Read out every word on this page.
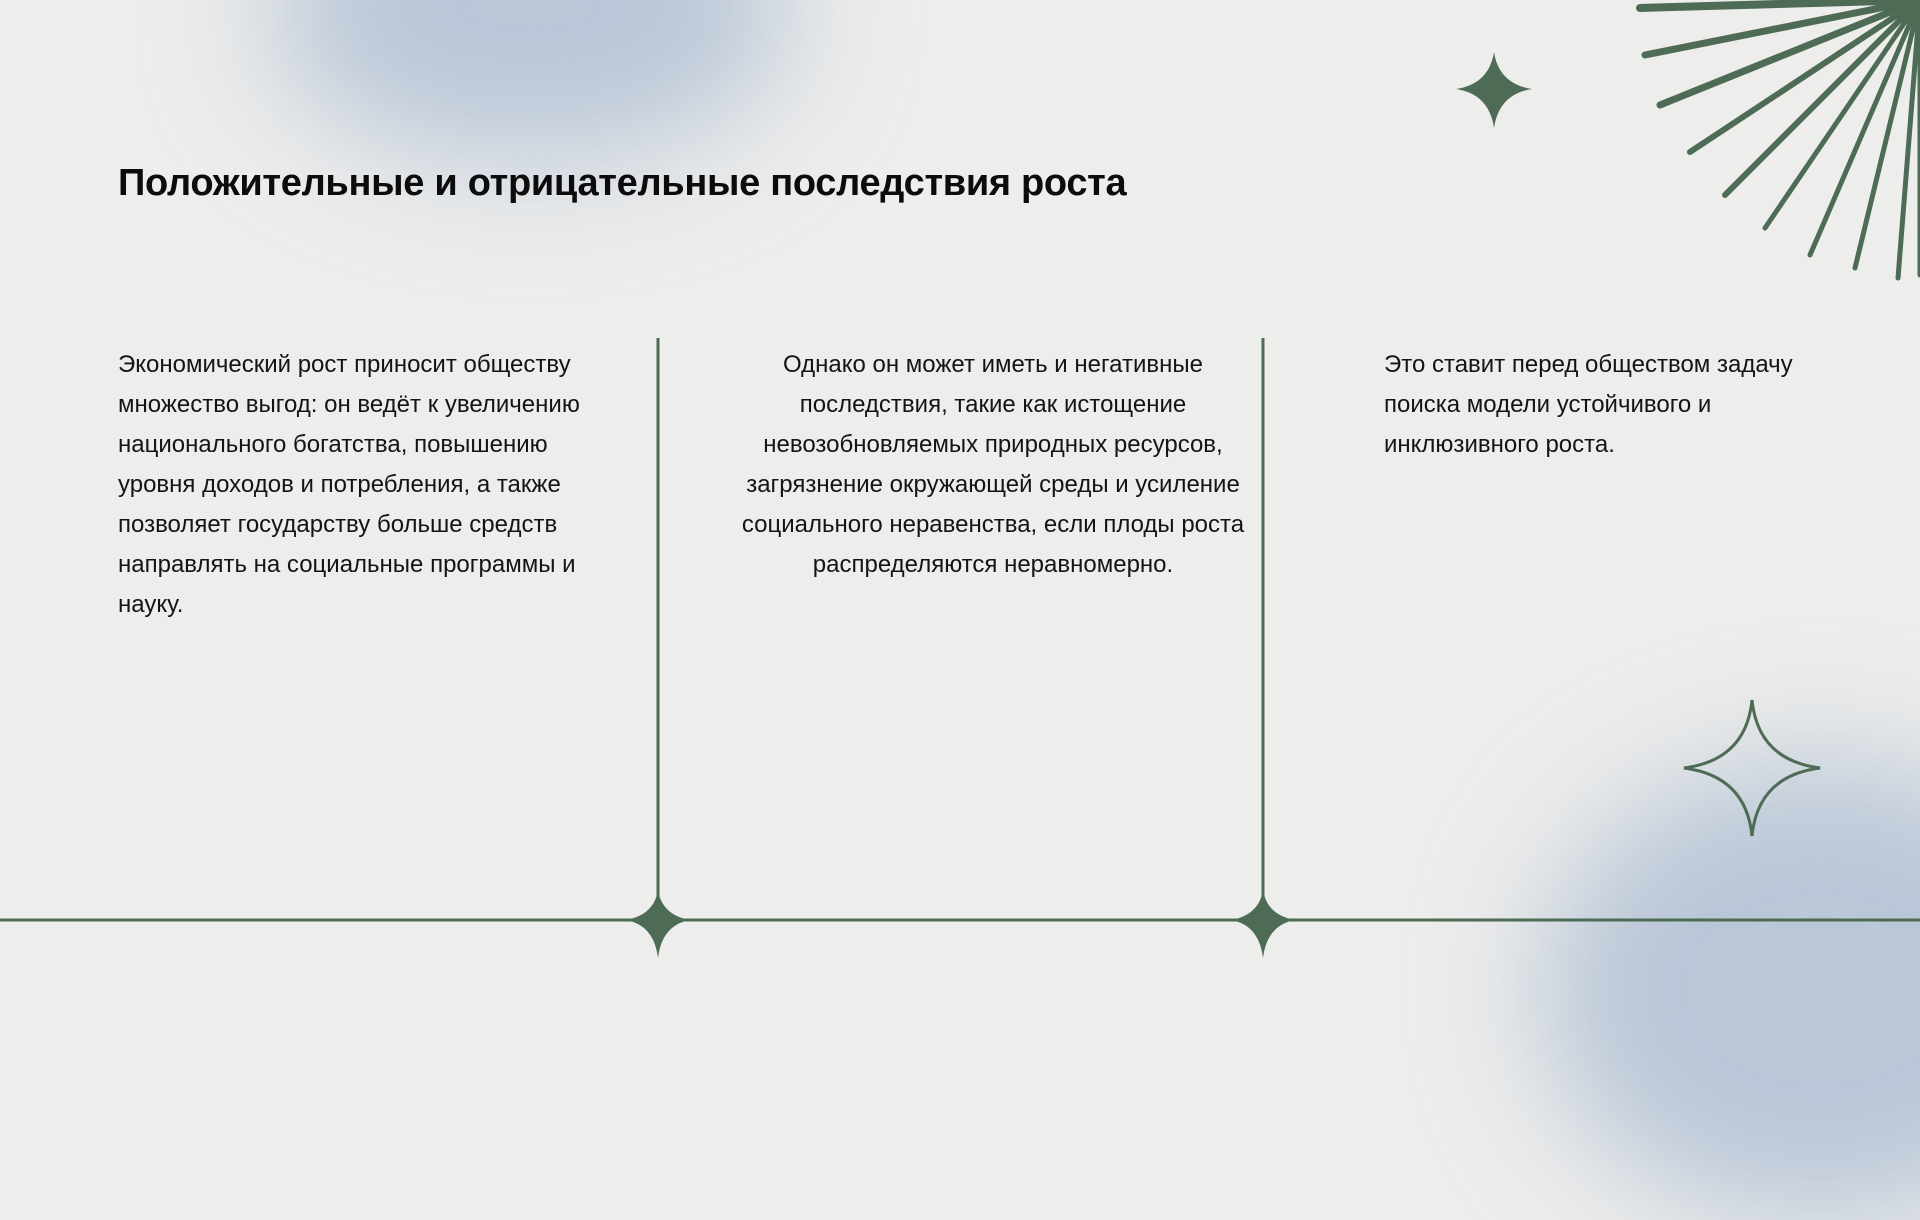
Положительные и отрицательные последствия роста

Экономический рост приносит обществу множество выгод: он ведёт к увеличению национального богатства, повышению уровня доходов и потребления, а также позволяет государству больше средств направлять на социальные программы и науку.

Однако он может иметь и негативные последствия, такие как истощение невозобновляемых природных ресурсов, загрязнение окружающей среды и усиление социального неравенства, если плоды роста распределяются неравномерно.

Это ставит перед обществом задачу поиска модели устойчивого и инклюзивного роста.
